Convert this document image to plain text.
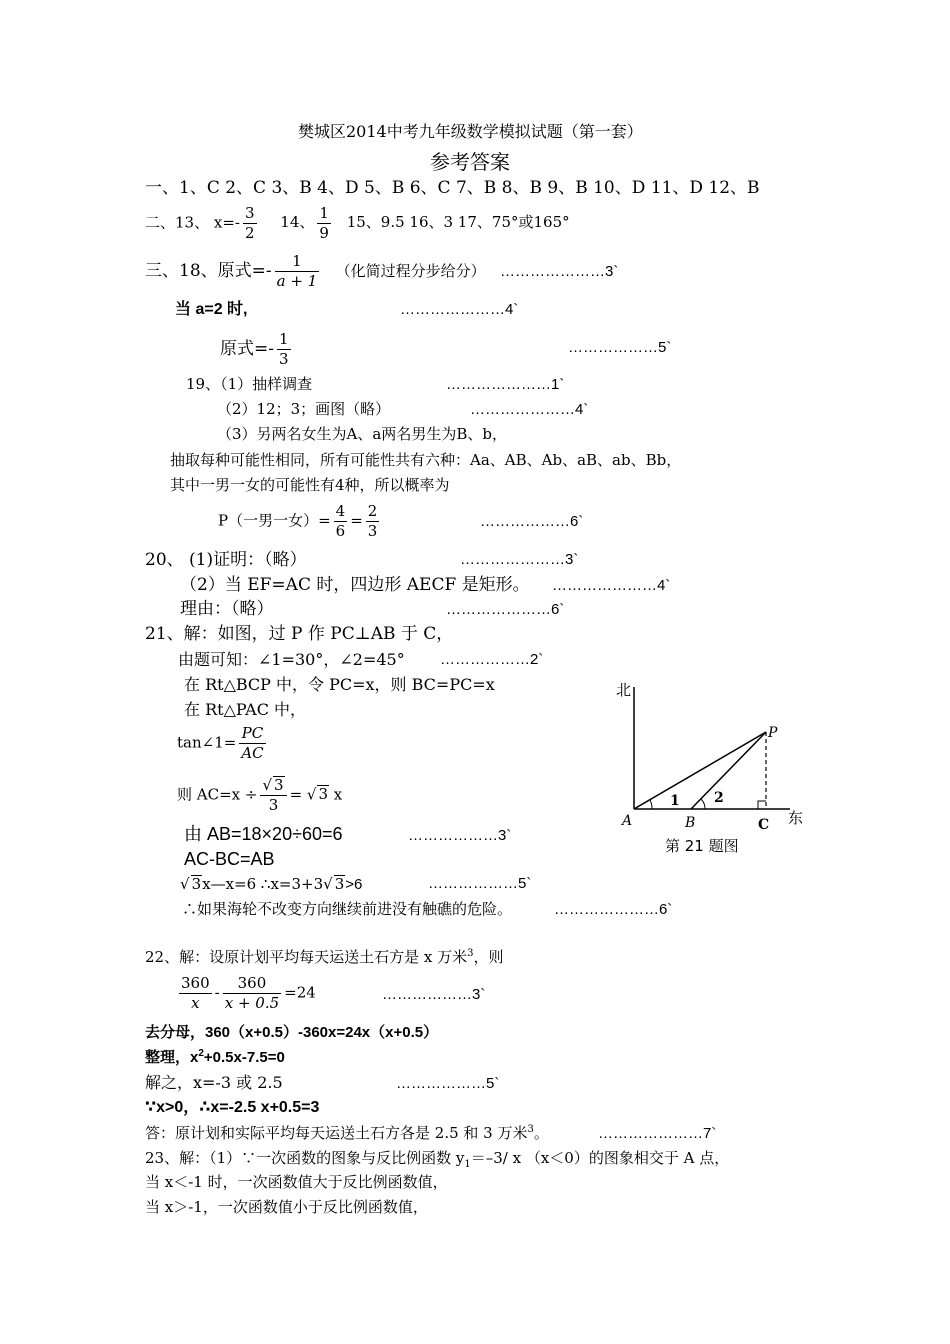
樊城区2014中考九年级数学模拟试题（第一套）
参考答案
一、1、C 2、C 3、B 4、D 5、B 6、C 7、B 8、B 9、B 10、D 11、D 12、B
二、13、 $x=- \frac{3}{2} 14$、 $\frac{1}{9} 15$、9.5 16、3 17、75°或165°
三、18、原式=- $\frac{1}{a + 1}$ （化简过程分步给分） …………………3`
当 a=2 时,	…………………4`
原式=- $\frac{1}{3}$	………………5`
19、（1）抽样调查	…………………1`
（2）12；3；画图（略）	…………………4`
（3）另两名女生为A、a两名男生为B、b，
抽取每种可能性相同，所有可能性共有六种：Aa、AB、Ab、aB、ab、Bb，
其中一男一女的可能性有4种，所以概率为
P（一男一女）= $\frac{4}{6} = \frac{2}{3}$	………………6`
20、 (1)证明：（略）	…………………3`
（2）当 EF=AC 时，四边形 AECF 是矩形。 …………………4`
理由：（略）	…………………6`
21、解：如图，过 P 作 PC⊥AB 于 C，
由题可知：∠1=30°，∠2=45° ………………2`
在 Rt△BCP 中，令 PC=x，则 BC=PC=x
在 Rt△PAC 中，
tan∠1= $\frac{PC}{AC}$
则 $AC=x \div \frac{√ 3}{3}$ = √ 3 x
由 AB=18×20÷60=6	………………3`
AC-BC=AB
√ 3x—x=6 ∴x=3+3√ 3>6	………………5`
∴如果海轮不改变方向继续前进没有触礁的危险。	…………………6`
北
东
P
A	B	C
1 2
第 21 题图
22、解：设原计划平均每天运送土石方是 x 万米$^3$，则
$\frac{360}{x} - \frac{360}{x + 0.5} =24$	………………3`
去分母，360（x+0.5）-360x=24x（x+0.5）
整理，$x^2+0.5x-7.5=0$
解之，x=-3 或 2.5	………………5`
∵x>0，∴x=-2.5 x+0.5=3
答：原计划和实际平均每天运送土石方各是 2.5 和 3 万米$^3$。	…………………7`
23、解：（1）∵一次函数的图象与反比例函数 $y_1=-3/$ x （x＜0）的图象相交于 A 点，
当 x＜-1 时，一次函数值大于反比例函数值，
当 x＞-1，一次函数值小于反比例函数值，
